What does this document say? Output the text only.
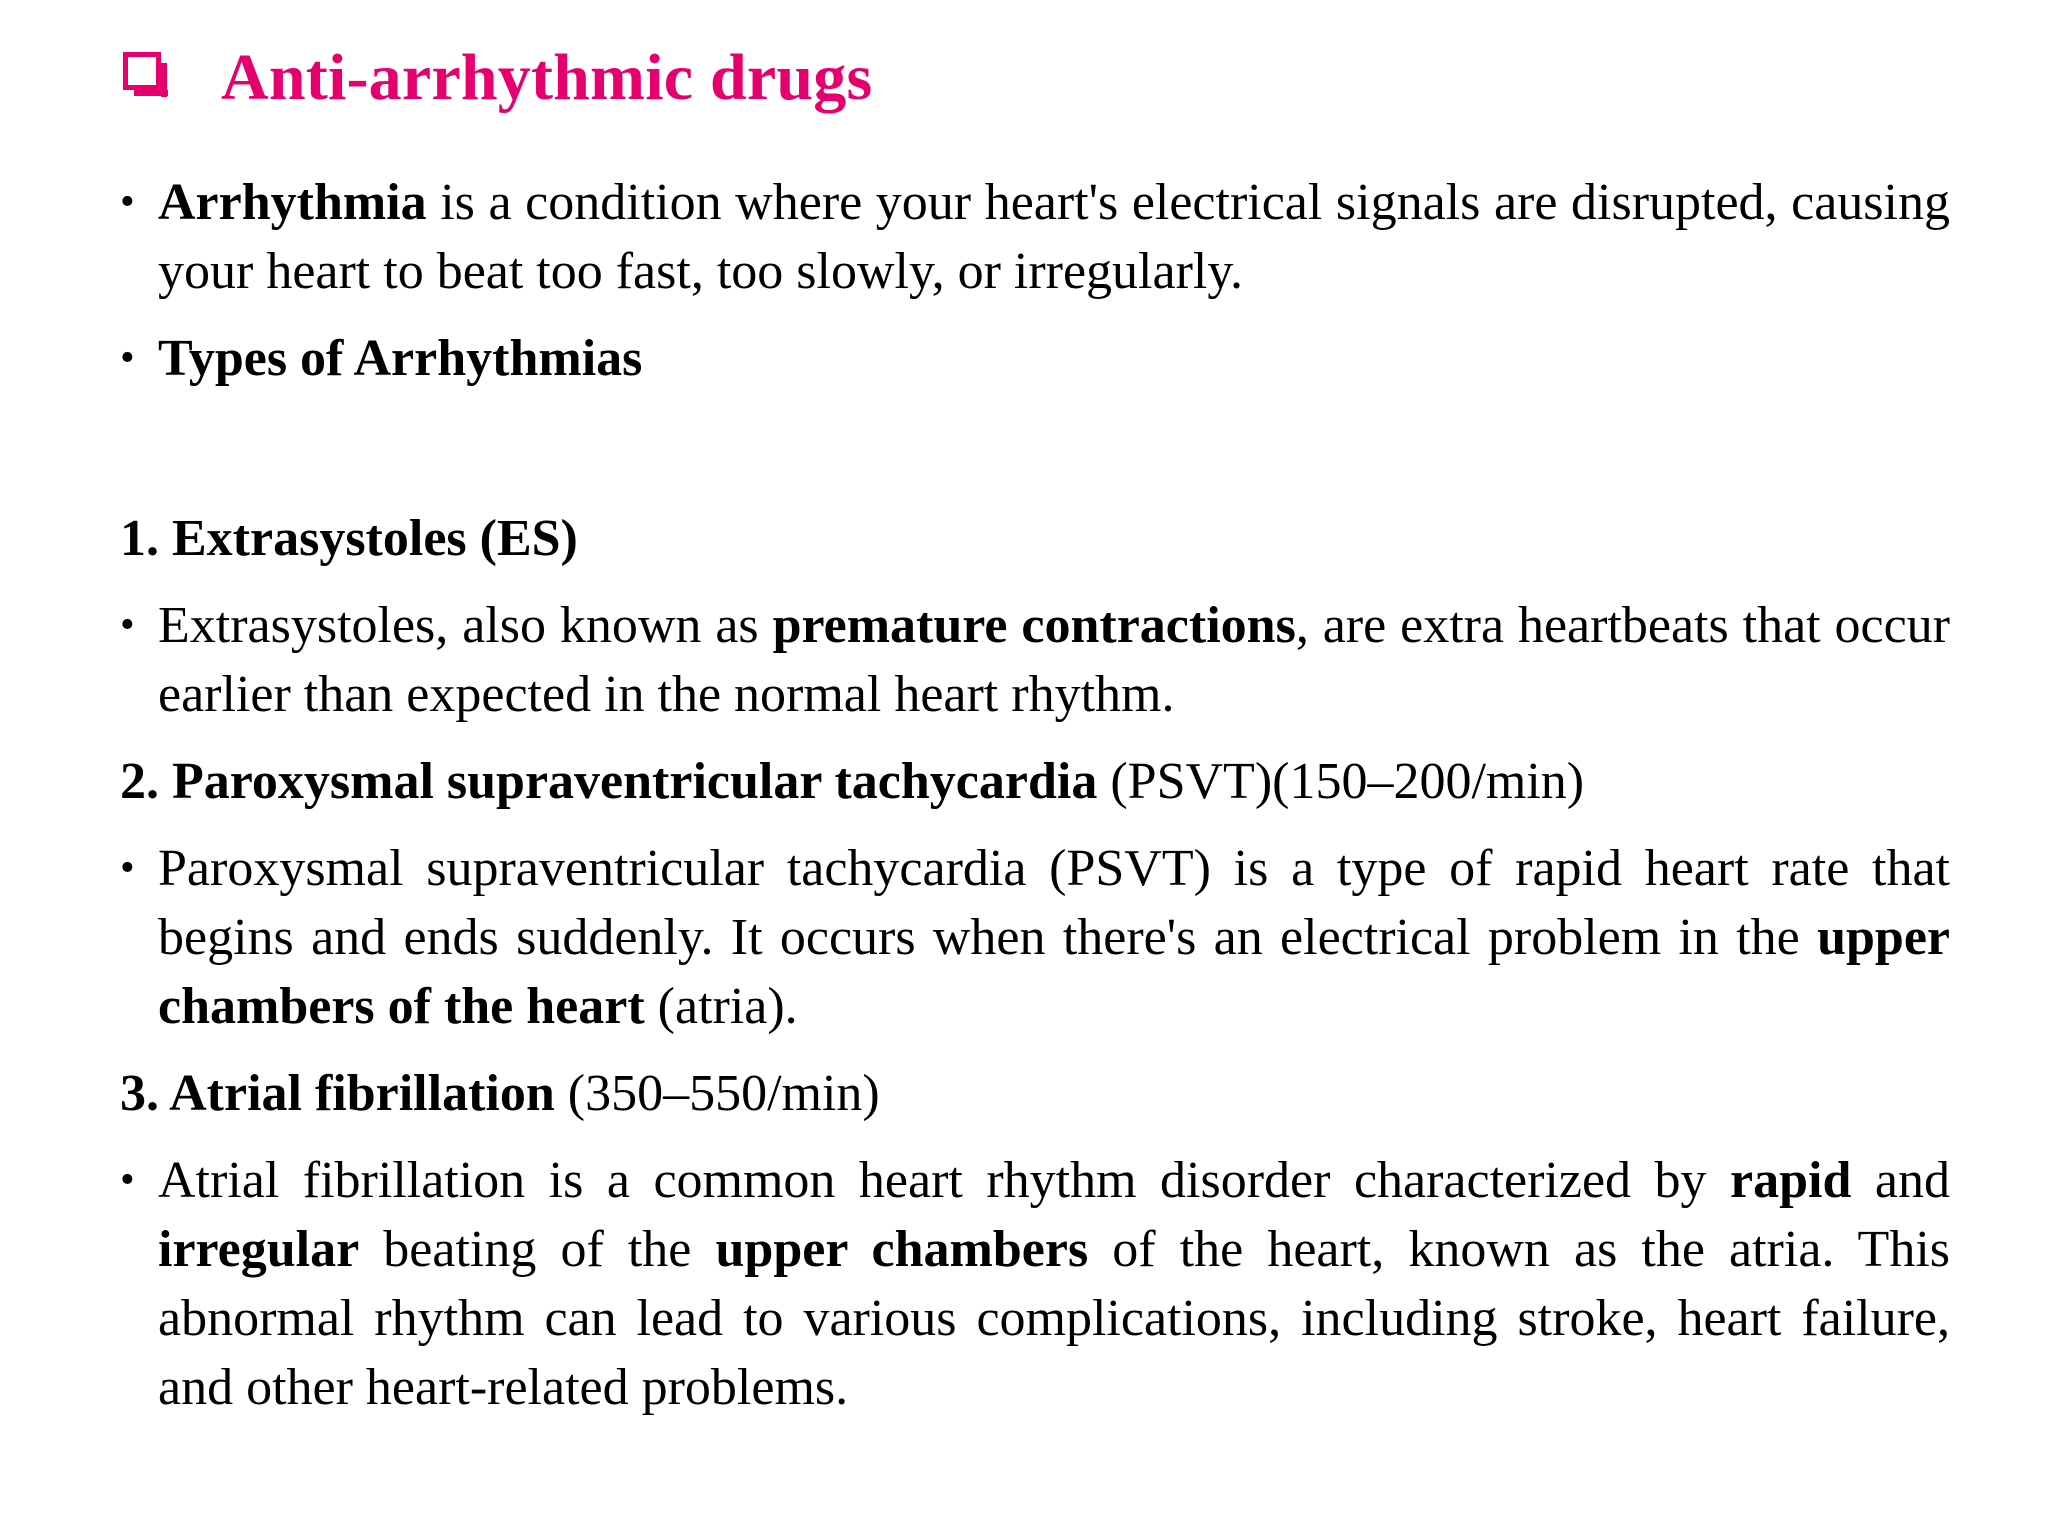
Anti-arrhythmic drugs
• Arrhythmia is a condition where your heart's electrical signals are disrupted, causing your heart to beat too fast, too slowly, or irregularly.
• Types of Arrhythmias
1. Extrasystoles (ES)
• Extrasystoles, also known as premature contractions, are extra heartbeats that occur earlier than expected in the normal heart rhythm.
2. Paroxysmal supraventricular tachycardia (PSVT)(150–200/min)
• Paroxysmal supraventricular tachycardia (PSVT) is a type of rapid heart rate that begins and ends suddenly. It occurs when there's an electrical problem in the upper chambers of the heart (atria).
3. Atrial fibrillation (350–550/min)
• Atrial fibrillation is a common heart rhythm disorder characterized by rapid and irregular beating of the upper chambers of the heart, known as the atria. This abnormal rhythm can lead to various complications, including stroke, heart failure, and other heart-related problems.
